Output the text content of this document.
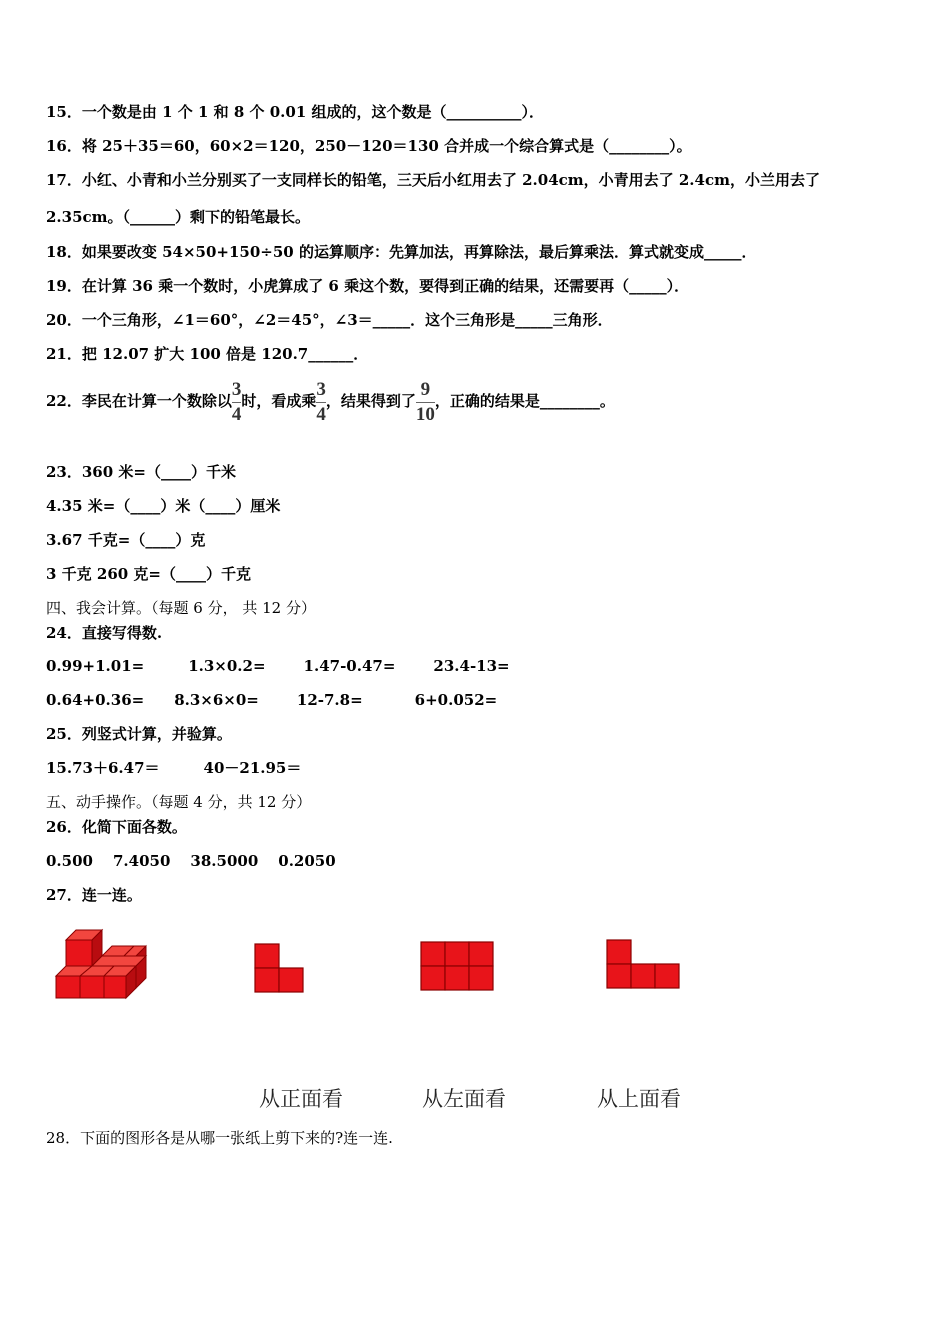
15．一个数是由 1 个 1 和 8 个 0.01 组成的，这个数是（__________）．
16．将 25＋35＝60，60×2＝120，250－120＝130 合并成一个综合算式是（________）。
17．小红、小青和小兰分别买了一支同样长的铅笔，三天后小红用去了 2.04cm，小青用去了 2.4cm，小兰用去了
2.35cm。（______）剩下的铅笔最长。
18．如果要改变 54×50+150÷50 的运算顺序：先算加法，再算除法，最后算乘法．算式就变成_____．
19．在计算 36 乘一个数时，小虎算成了 6 乘这个数，要得到正确的结果，还需要再（_____）．
20．一个三角形，∠1＝60°，∠2＝45°，∠3＝_____．这个三角形是_____三角形．
21．把 12.07 扩大 100 倍是 120.7______．
22．李民在计算一个数除以 $\frac{3}{4}$ 时，看成乘 $\frac{3}{4}$ ，结果得到了 $\frac{9}{10}$ ，正确的结果是________。
23．360 米=（____）千米
4.35 米=（____）米（____）厘米
3.67 千克=（____）克
3 千克 260 克=（____）千克
四、我会计算。（每题 6 分， 共 12 分）
24．直接写得数.
0.99+1.01=	1.3×0.2=	1.47-0.47=	23.4-13=
0.64+0.36= 8.3×6×0=	12-7.8=	6+0.052=
25．列竖式计算，并验算。
15.73＋6.47＝	40－21.95＝
五、动手操作。（每题 4 分，共 12 分）
26．化简下面各数。
0.500 7.4050 38.5000 0.2050
27．连一连。
从正面看	从左面看	从上面看
28．下面的图形各是从哪一张纸上剪下来的?连一连.
